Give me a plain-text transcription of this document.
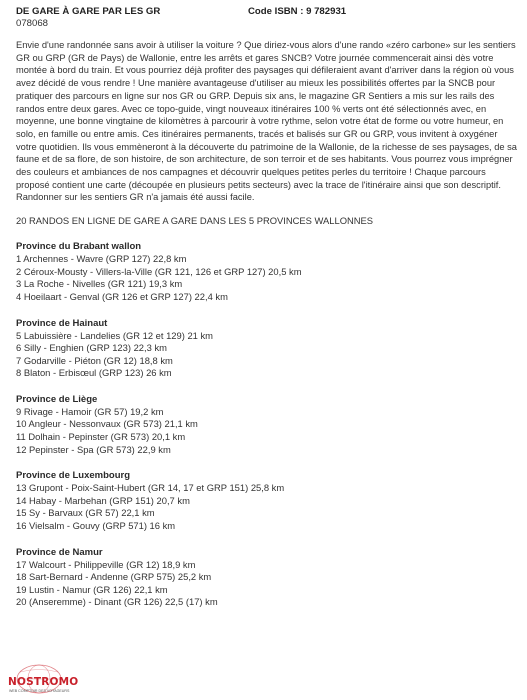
DE GARE À GARE PAR LES GR	Code ISBN : 9 782931
078068

Envie d'une randonnée sans avoir à utiliser la voiture ? Que diriez-vous alors d'une rando «zéro carbone» sur les sentiers GR ou GRP (GR de Pays) de Wallonie, entre les arrêts et gares SNCB? Votre journée commencerait ainsi dès votre montée à bord du train. Et vous pourriez déjà profiter des paysages qui défileraient avant d'arriver dans la région où vous avez décidé de vous rendre ! Une manière avantageuse d'utiliser au mieux les possibilités offertes par la SNCB pour pratiquer des parcours en ligne sur nos GR ou GRP. Depuis six ans, le magazine GR Sentiers a mis sur les rails des randos entre deux gares. Avec ce topo-guide, vingt nouveaux itinéraires 100 % verts ont été sélectionnés avec, en moyenne, une bonne vingtaine de kilomètres à parcourir à votre rythme, selon votre état de forme ou votre humeur, en solo, en famille ou entre amis. Ces itinéraires permanents, tracés et balisés sur GR ou GRP, vous invitent à oxygéner votre quotidien. Ils vous emmèneront à la découverte du patrimoine de la Wallonie, de la richesse de ses paysages, de sa faune et de sa flore, de son histoire, de son architecture, de son terroir et de ses habitants. Vous pourrez vous imprégner des couleurs et ambiances de nos campagnes et découvrir quelques petites perles du territoire ! Chaque parcours proposé contient une carte (découpée en plusieurs petits secteurs) avec la trace de l'itinéraire ainsi que son descriptif. Randonner sur les sentiers GR n'a jamais été aussi facile.

20 RANDOS EN LIGNE DE GARE A GARE DANS LES 5 PROVINCES WALLONNES
Province du Brabant wallon
1 Archennes - Wavre (GRP 127) 22,8 km
2 Céroux-Mousty - Villers-la-Ville (GR 121, 126 et GRP 127) 20,5 km
3 La Roche - Nivelles (GR 121) 19,3 km
4 Hoeilaart - Genval (GR 126 et GRP 127) 22,4 km
Province de Hainaut
5 Labuissière - Landelies (GR 12 et 129) 21 km
6 Silly - Enghien (GRP 123) 22,3 km
7 Godarville - Piéton (GR 12) 18,8 km
8 Blaton - Erbisœul (GRP 123) 26 km
Province de Liège
9 Rivage - Hamoir (GR 57) 19,2 km
10 Angleur - Nessonvaux (GR 573) 21,1 km
11 Dolhain - Pepinster (GR 573) 20,1 km
12 Pepinster - Spa (GR 573) 22,9 km
Province de Luxembourg
13 Grupont - Poix-Saint-Hubert (GR 14, 17 et GRP 151) 25,8 km
14 Habay - Marbehan (GRP 151) 20,7 km
15 Sy - Barvaux (GR 57) 22,1 km
16 Vielsalm - Gouvy (GRP 571) 16 km
Province de Namur
17 Walcourt - Philippeville (GR 12) 18,9 km
18 Sart-Bernard - Andenne (GRP 575) 25,2 km
19 Lustin - Namur (GR 126) 22,1 km
20 (Anseremme) - Dinant (GR 126) 22,5 (17) km
NOSTROMO
WEB COMPTOIR DES VOYAGEURS
